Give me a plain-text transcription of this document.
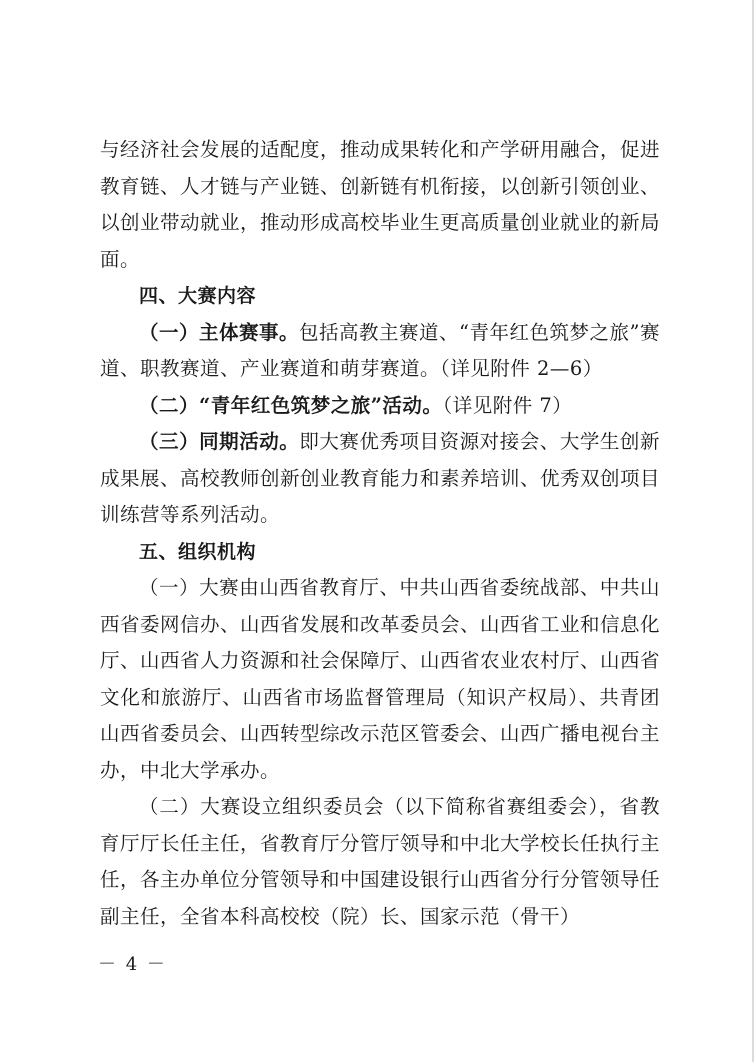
与经济社会发展的适配度，推动成果转化和产学研用融合，促进教育链、人才链与产业链、创新链有机衔接，以创新引领创业、以创业带动就业，推动形成高校毕业生更高质量创业就业的新局面。

四、大赛内容

（一）主体赛事。包括高教主赛道、“青年红色筑梦之旅”赛道、职教赛道、产业赛道和萌芽赛道。（详见附件 2—6）

（二）“青年红色筑梦之旅”活动。（详见附件 7）

（三）同期活动。即大赛优秀项目资源对接会、大学生创新成果展、高校教师创新创业教育能力和素养培训、优秀双创项目训练营等系列活动。

五、组织机构

（一）大赛由山西省教育厅、中共山西省委统战部、中共山西省委网信办、山西省发展和改革委员会、山西省工业和信息化厅、山西省人力资源和社会保障厅、山西省农业农村厅、山西省文化和旅游厅、山西省市场监督管理局（知识产权局）、共青团山西省委员会、山西转型综改示范区管委会、山西广播电视台主办，中北大学承办。

（二）大赛设立组织委员会（以下简称省赛组委会），省教育厅厅长任主任，省教育厅分管厅领导和中北大学校长任执行主任，各主办单位分管领导和中国建设银行山西省分行分管领导任副主任，全省本科高校校（院）长、国家示范（骨干）

－ 4 －
